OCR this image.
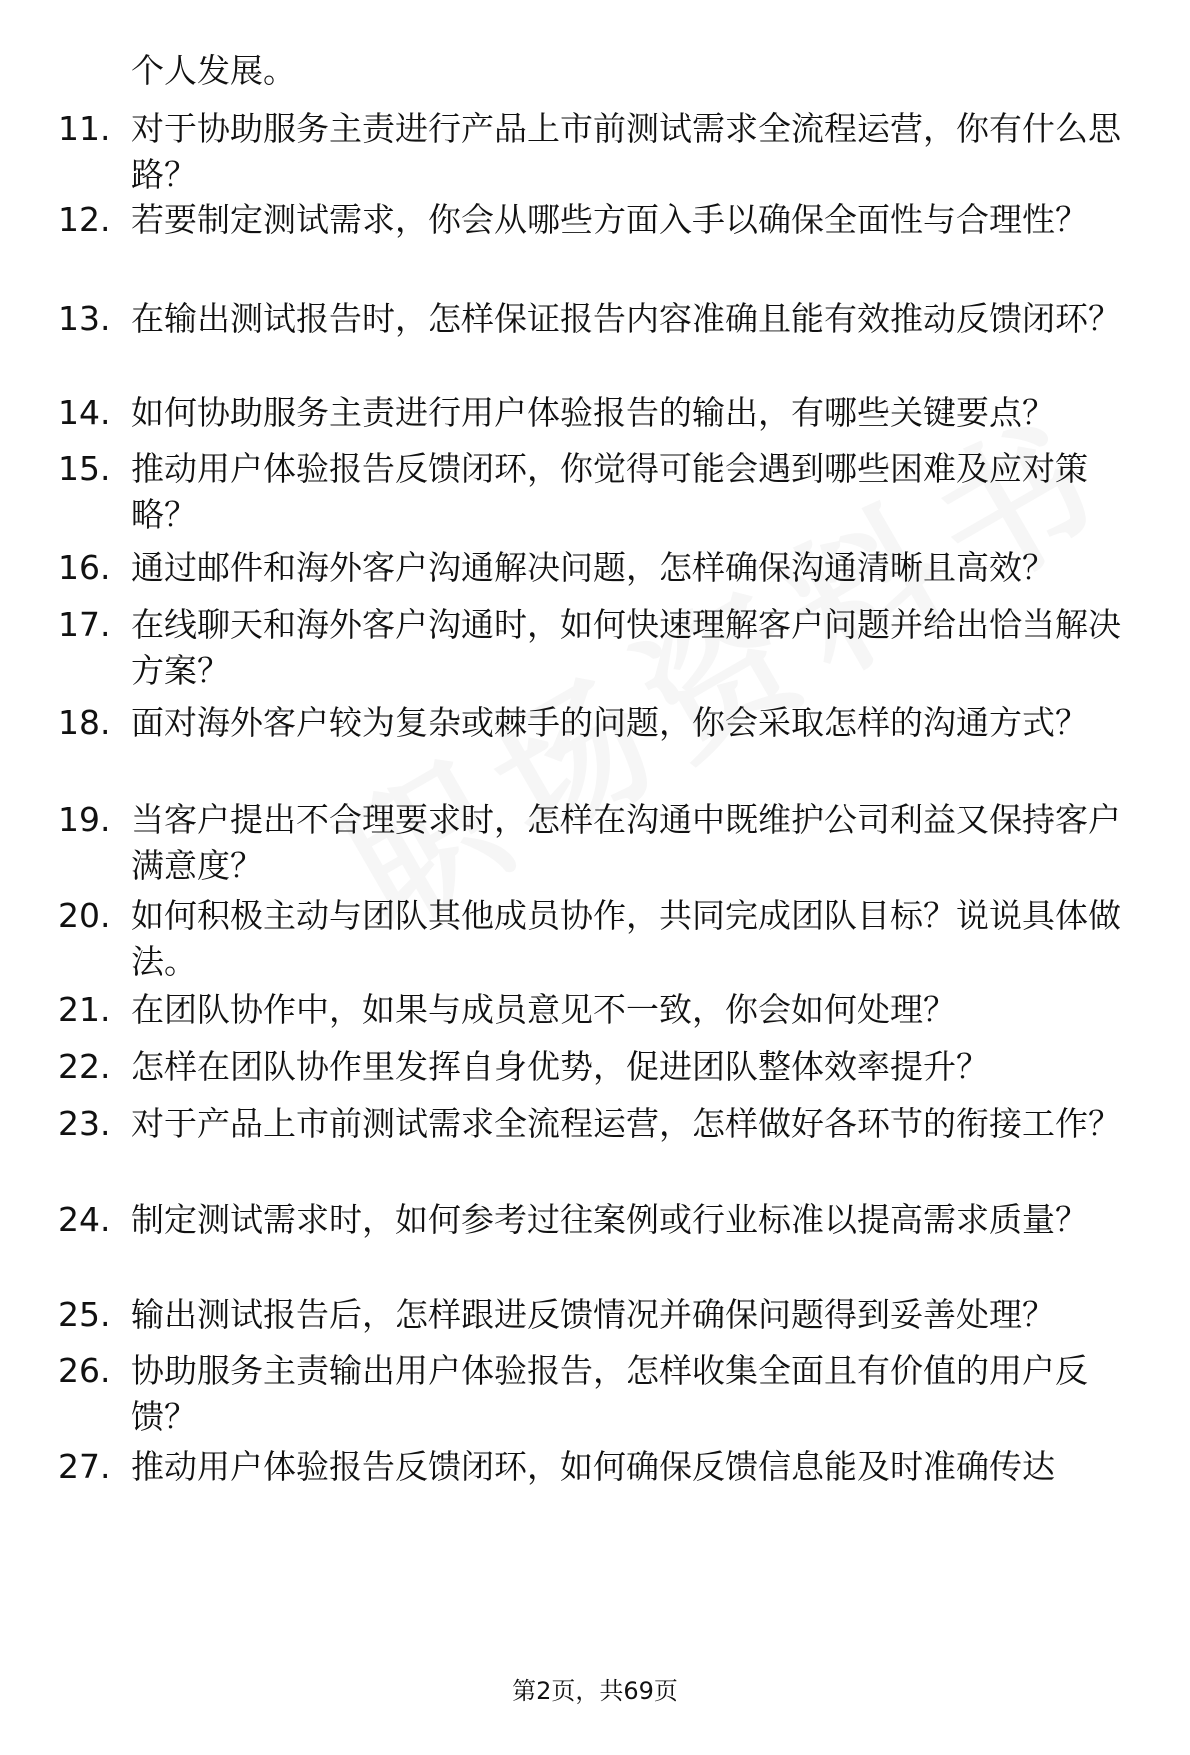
个人发展。

11. 对于协助服务主责进行产品上市前测试需求全流程运营，你有什么思路？

12. 若要制定测试需求，你会从哪些方面入手以确保全面性与合理性？

13. 在输出测试报告时，怎样保证报告内容准确且能有效推动反馈闭环？

14. 如何协助服务主责进行用户体验报告的输出，有哪些关键要点？

15. 推动用户体验报告反馈闭环，你觉得可能会遇到哪些困难及应对策略？

16. 通过邮件和海外客户沟通解决问题，怎样确保沟通清晰且高效？

17. 在线聊天和海外客户沟通时，如何快速理解客户问题并给出恰当解决方案？

18. 面对海外客户较为复杂或棘手的问题，你会采取怎样的沟通方式？

19. 当客户提出不合理要求时，怎样在沟通中既维护公司利益又保持客户满意度？

20. 如何积极主动与团队其他成员协作，共同完成团队目标？说说具体做法。

21. 在团队协作中，如果与成员意见不一致，你会如何处理？

22. 怎样在团队协作里发挥自身优势，促进团队整体效率提升？

23. 对于产品上市前测试需求全流程运营，怎样做好各环节的衔接工作？

24. 制定测试需求时，如何参考过往案例或行业标准以提高需求质量？

25. 输出测试报告后，怎样跟进反馈情况并确保问题得到妥善处理？

26. 协助服务主责输出用户体验报告，怎样收集全面且有价值的用户反馈？

27. 推动用户体验报告反馈闭环，如何确保反馈信息能及时准确传达

第2页，共69页
